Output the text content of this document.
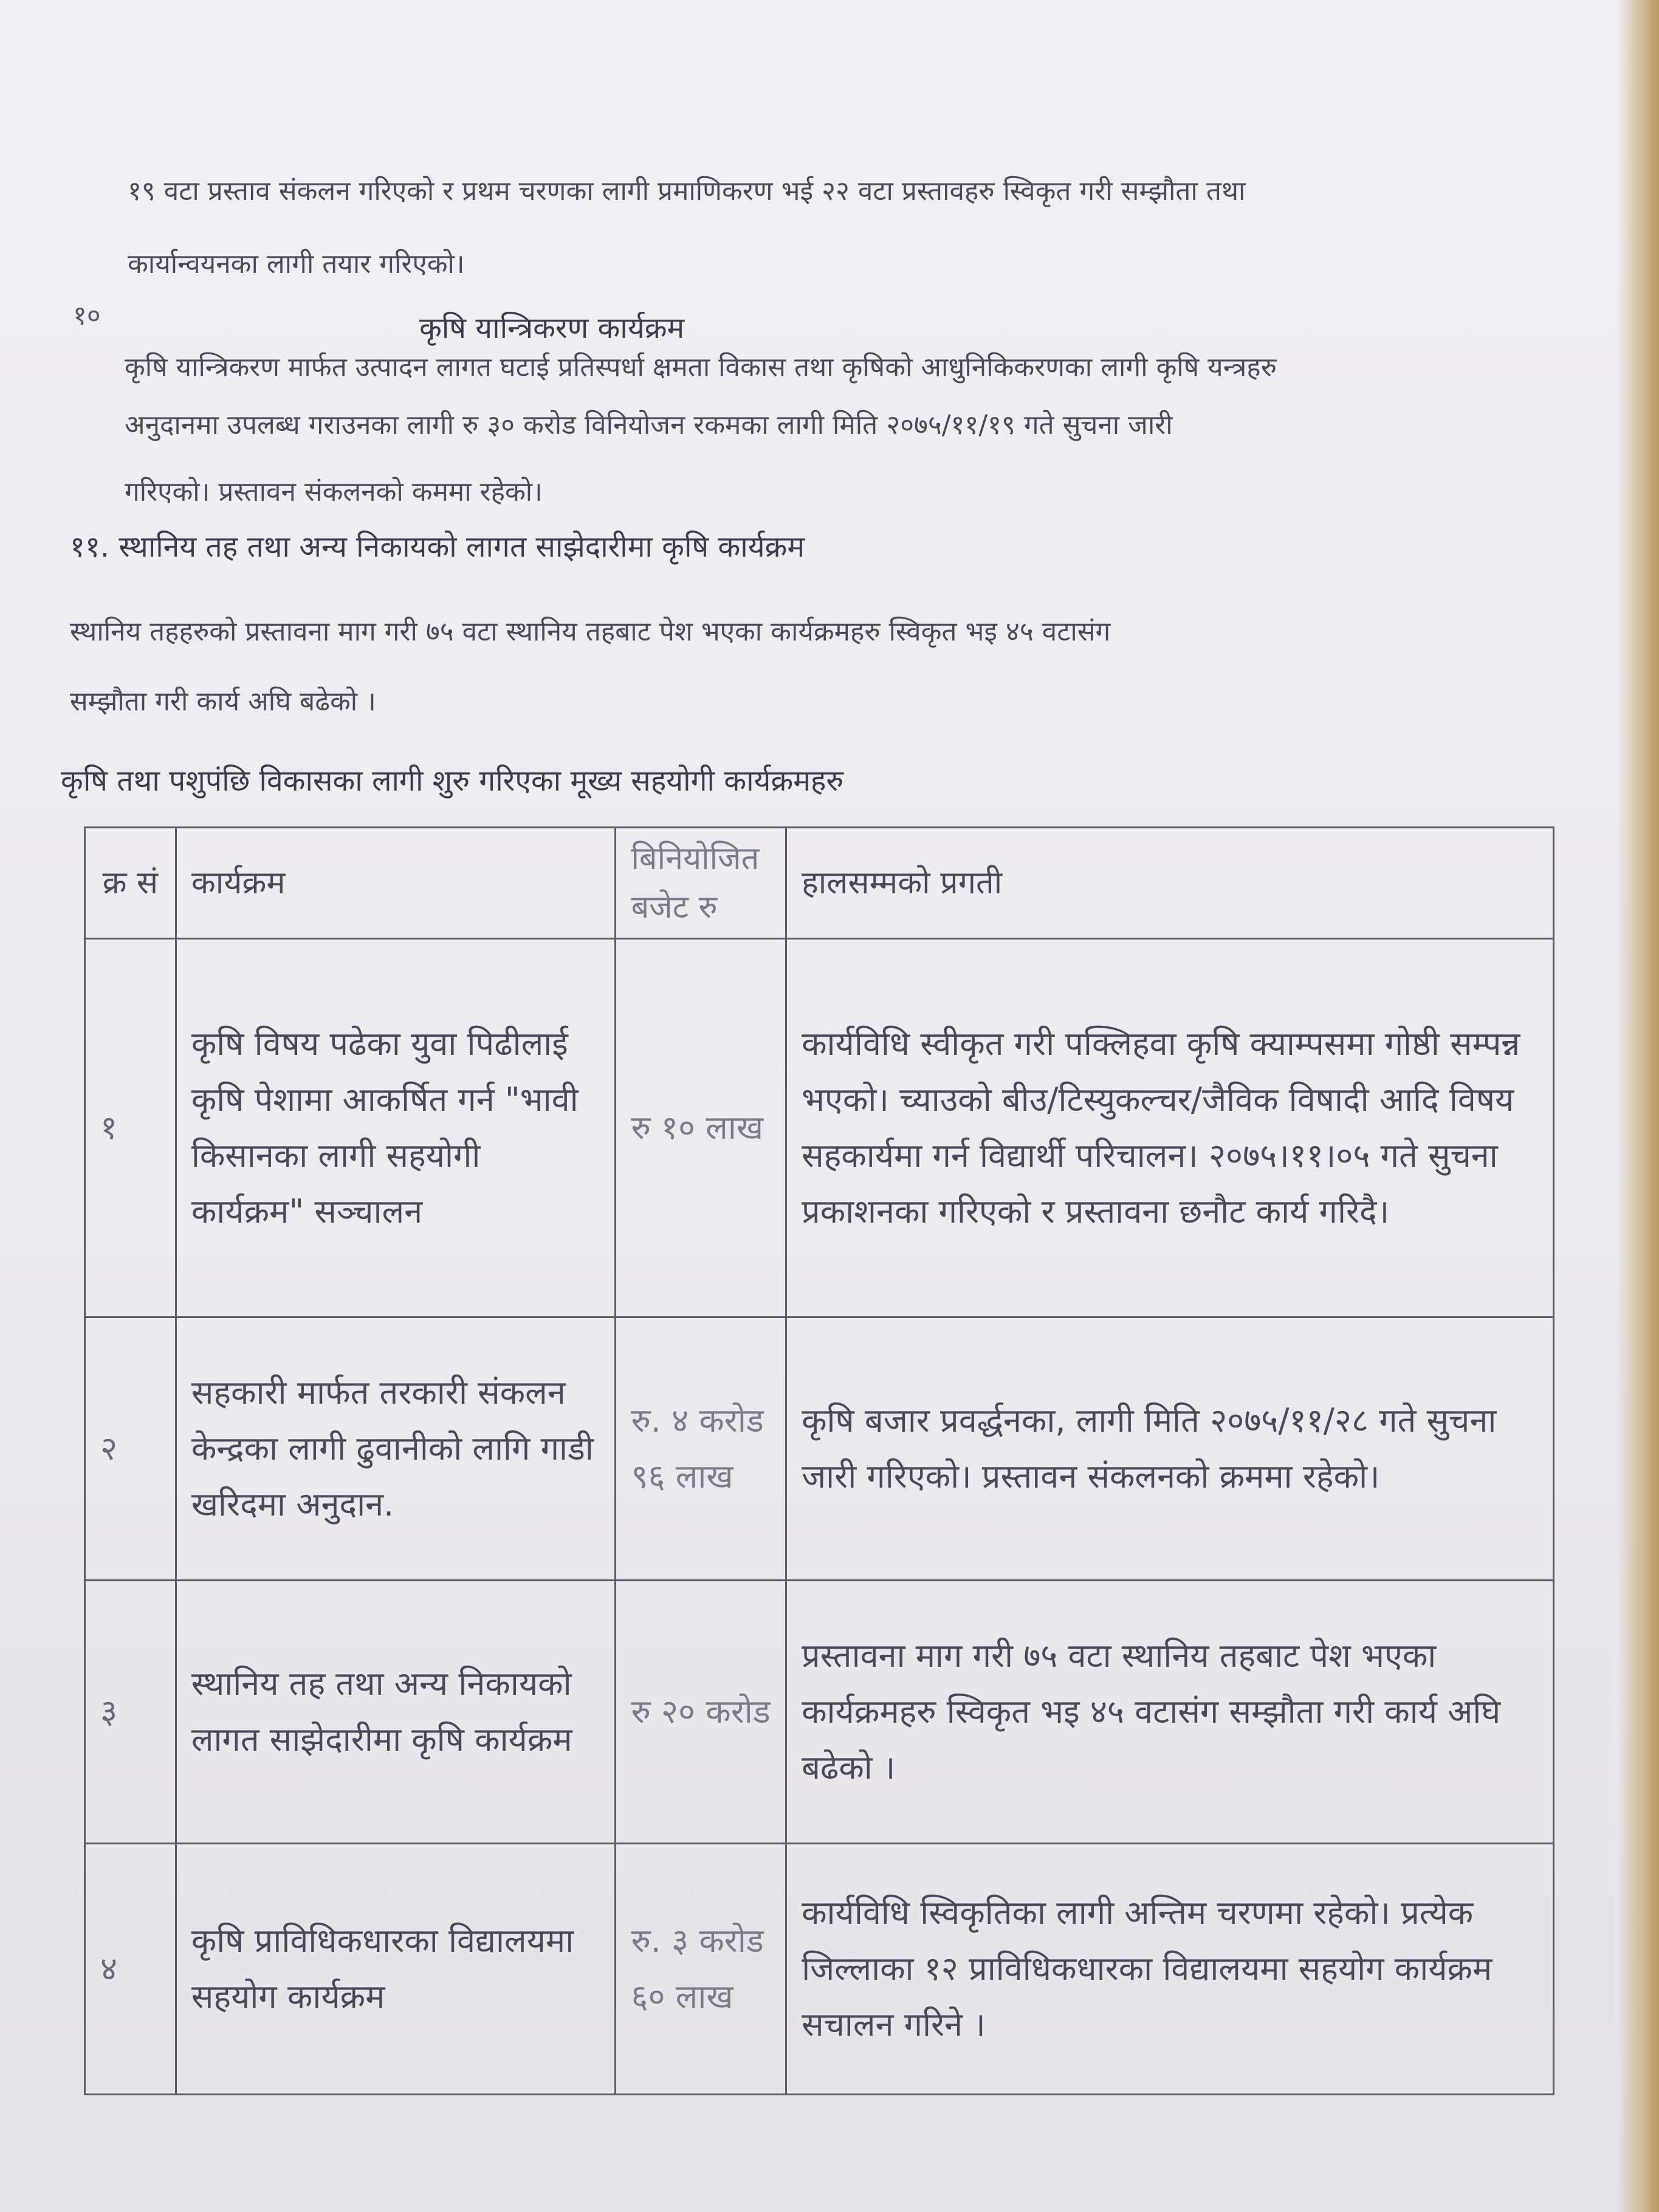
१९ वटा प्रस्ताव संकलन गरिएको र प्रथम चरणका लागी प्रमाणिकरण भई २२ वटा प्रस्तावहरु स्विकृत गरी सम्झौता तथा
कार्यान्वयनका लागी तयार गरिएको।
१०	कृषि यान्त्रिकरण कार्यक्रम
कृषि यान्त्रिकरण मार्फत उत्पादन लागत घटाई प्रतिस्पर्धा क्षमता विकास तथा कृषिको आधुनिकिकरणका लागी कृषि यन्त्रहरु
अनुदानमा उपलब्ध गराउनका लागी रु ३० करोड विनियोजन रकमका लागी मिति २०७५/११/१९ गते सुचना जारी
गरिएको। प्रस्तावन संकलनको कममा रहेको।
११. स्थानिय तह तथा अन्य निकायको लागत साझेदारीमा कृषि कार्यक्रम
स्थानिय तहहरुको प्रस्तावना माग गरी ७५ वटा स्थानिय तहबाट पेश भएका कार्यक्रमहरु स्विकृत भइ ४५ वटासंग
सम्झौता गरी कार्य अघि बढेको ।
कृषि तथा पशुपंछि विकासका लागी शुरु गरिएका मूख्य सहयोगी कार्यक्रमहरु
क्र सं	कार्यक्रम	बिनियोजित बजेट रु	हालसम्मको प्रगती
१	कृषि विषय पढेका युवा पिढीलाई कृषि पेशामा आकर्षित गर्न "भावी किसानका लागी सहयोगी कार्यक्रम" सञ्चालन	रु १० लाख	कार्यविधि स्वीकृत गरी पक्लिहवा कृषि क्याम्पसमा गोष्ठी सम्पन्न भएको। च्याउको बीउ/टिस्युकल्चर/जैविक विषादी आदि विषय सहकार्यमा गर्न विद्यार्थी परिचालन। २०७५।११।०५ गते सुचना प्रकाशनका गरिएको र प्रस्तावना छनौट कार्य गरिदै।
२	सहकारी मार्फत तरकारी संकलन केन्द्रका लागी ढुवानीको लागि गाडी खरिदमा अनुदान.	रु. ४ करोड ९६ लाख	कृषि बजार प्रवर्द्धनका, लागी मिति २०७५/११/२८ गते सुचना जारी गरिएको। प्रस्तावन संकलनको क्रममा रहेको।
३	स्थानिय तह तथा अन्य निकायको लागत साझेदारीमा कृषि कार्यक्रम	रु २० करोड	प्रस्तावना माग गरी ७५ वटा स्थानिय तहबाट पेश भएका कार्यक्रमहरु स्विकृत भइ ४५ वटासंग सम्झौता गरी कार्य अघि बढेको ।
४	कृषि प्राविधिकधारका विद्यालयमा सहयोग कार्यक्रम	रु. ३ करोड ६० लाख	कार्यविधि स्विकृतिका लागी अन्तिम चरणमा रहेको। प्रत्येक जिल्लाका १२ प्राविधिकधारका विद्यालयमा सहयोग कार्यक्रम सचालन गरिने ।
